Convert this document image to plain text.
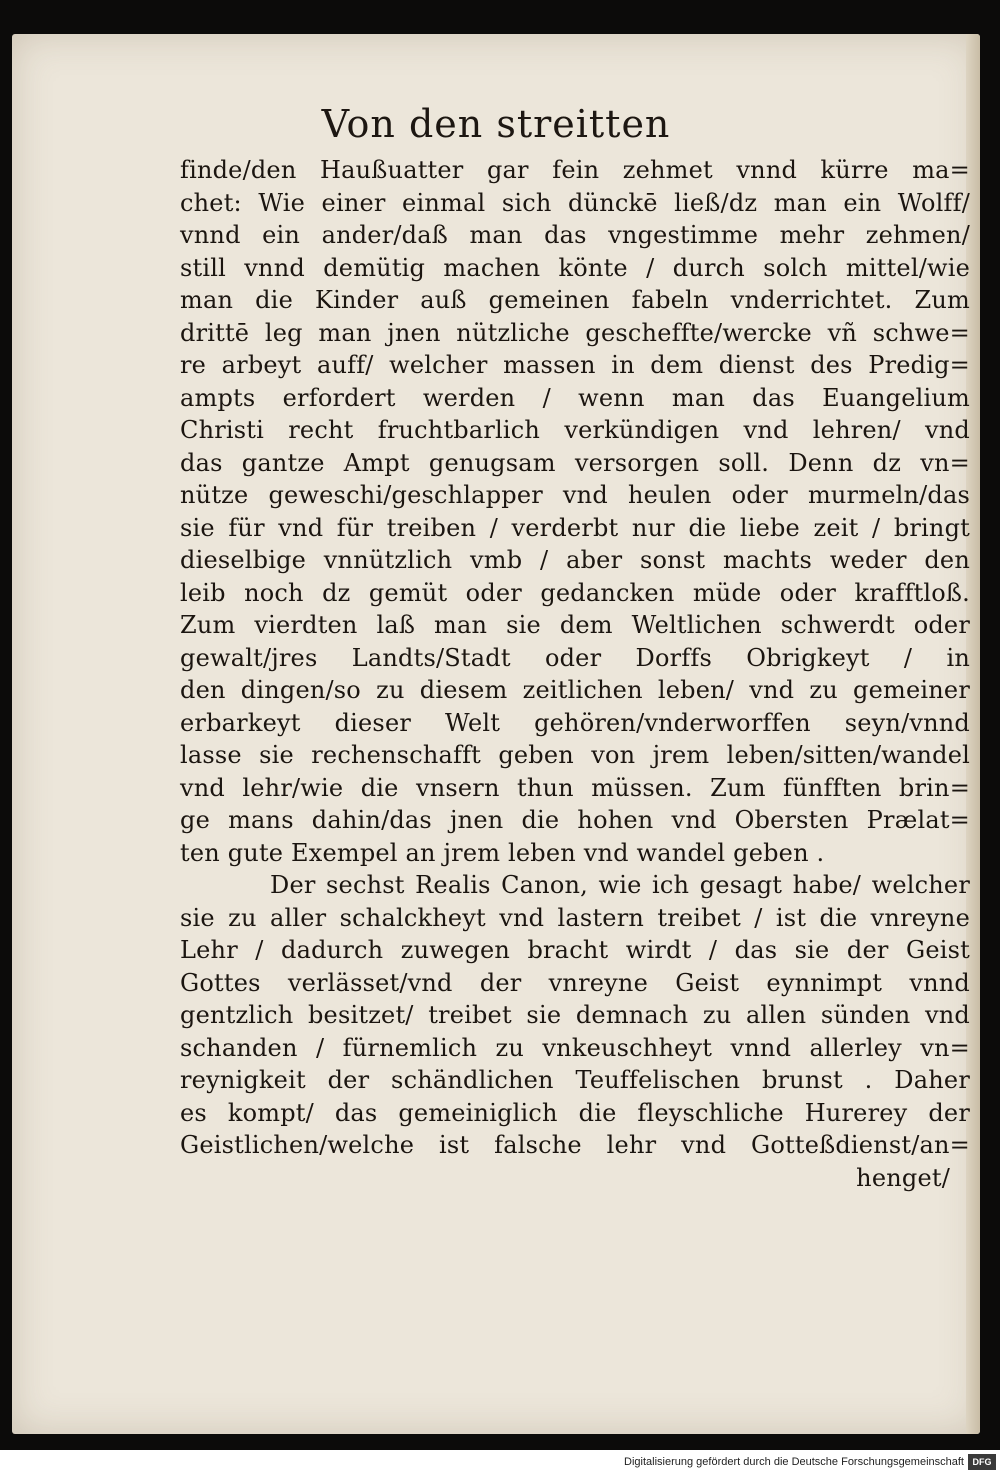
Von den streitten
finde/den Haußuatter gar fein zehmet vnnd kürre ma=
chet: Wie einer einmal sich dünckē ließ/dz man ein Wolff/
vnnd ein ander/daß man das vngestimme mehr zehmen/
still vnnd demütig machen könte / durch solch mittel/wie
man die Kinder auß gemeinen fabeln vnderrichtet. Zum
drittē leg man jnen nützliche gescheffte/wercke vñ schwe=
re arbeyt auff/ welcher massen in dem dienst des Predig=
ampts erfordert werden / wenn man das Euangelium
Christi recht fruchtbarlich verkündigen vnd lehren/ vnd
das gantze Ampt genugsam versorgen soll. Denn dz vn=
nütze geweschi/geschlapper vnd heulen oder murmeln/das
sie für vnd für treiben / verderbt nur die liebe zeit / bringt
dieselbige vnnützlich vmb / aber sonst machts weder den
leib noch dz gemüt oder gedancken müde oder krafftloß.
Zum vierdten laß man sie dem Weltlichen schwerdt oder
gewalt/jres Landts/Stadt oder Dorffs Obrigkeyt / in
den dingen/so zu diesem zeitlichen leben/ vnd zu gemeiner
erbarkeyt dieser Welt gehören/vnderworffen seyn/vnnd
lasse sie rechenschafft geben von jrem leben/sitten/wandel
vnd lehr/wie die vnsern thun müssen. Zum fünfften brin=
ge mans dahin/das jnen die hohen vnd Obersten Prælat=
ten gute Exempel an jrem leben vnd wandel geben .
Der sechst Realis Canon, wie ich gesagt habe/ welcher
sie zu aller schalckheyt vnd lastern treibet / ist die vnreyne
Lehr / dadurch zuwegen bracht wirdt / das sie der Geist
Gottes verlässet/vnd der vnreyne Geist eynnimpt vnnd
gentzlich besitzet/ treibet sie demnach zu allen sünden vnd
schanden / fürnemlich zu vnkeuschheyt vnnd allerley vn=
reynigkeit der schändlichen Teuffelischen brunst . Daher
es kompt/ das gemeiniglich die fleyschliche Hurerey der
Geistlichen/welche ist falsche lehr vnd Gotteßdienst/an=
henget/
Digitalisierung gefördert durch die Deutsche Forschungsgemeinschaft DFG
